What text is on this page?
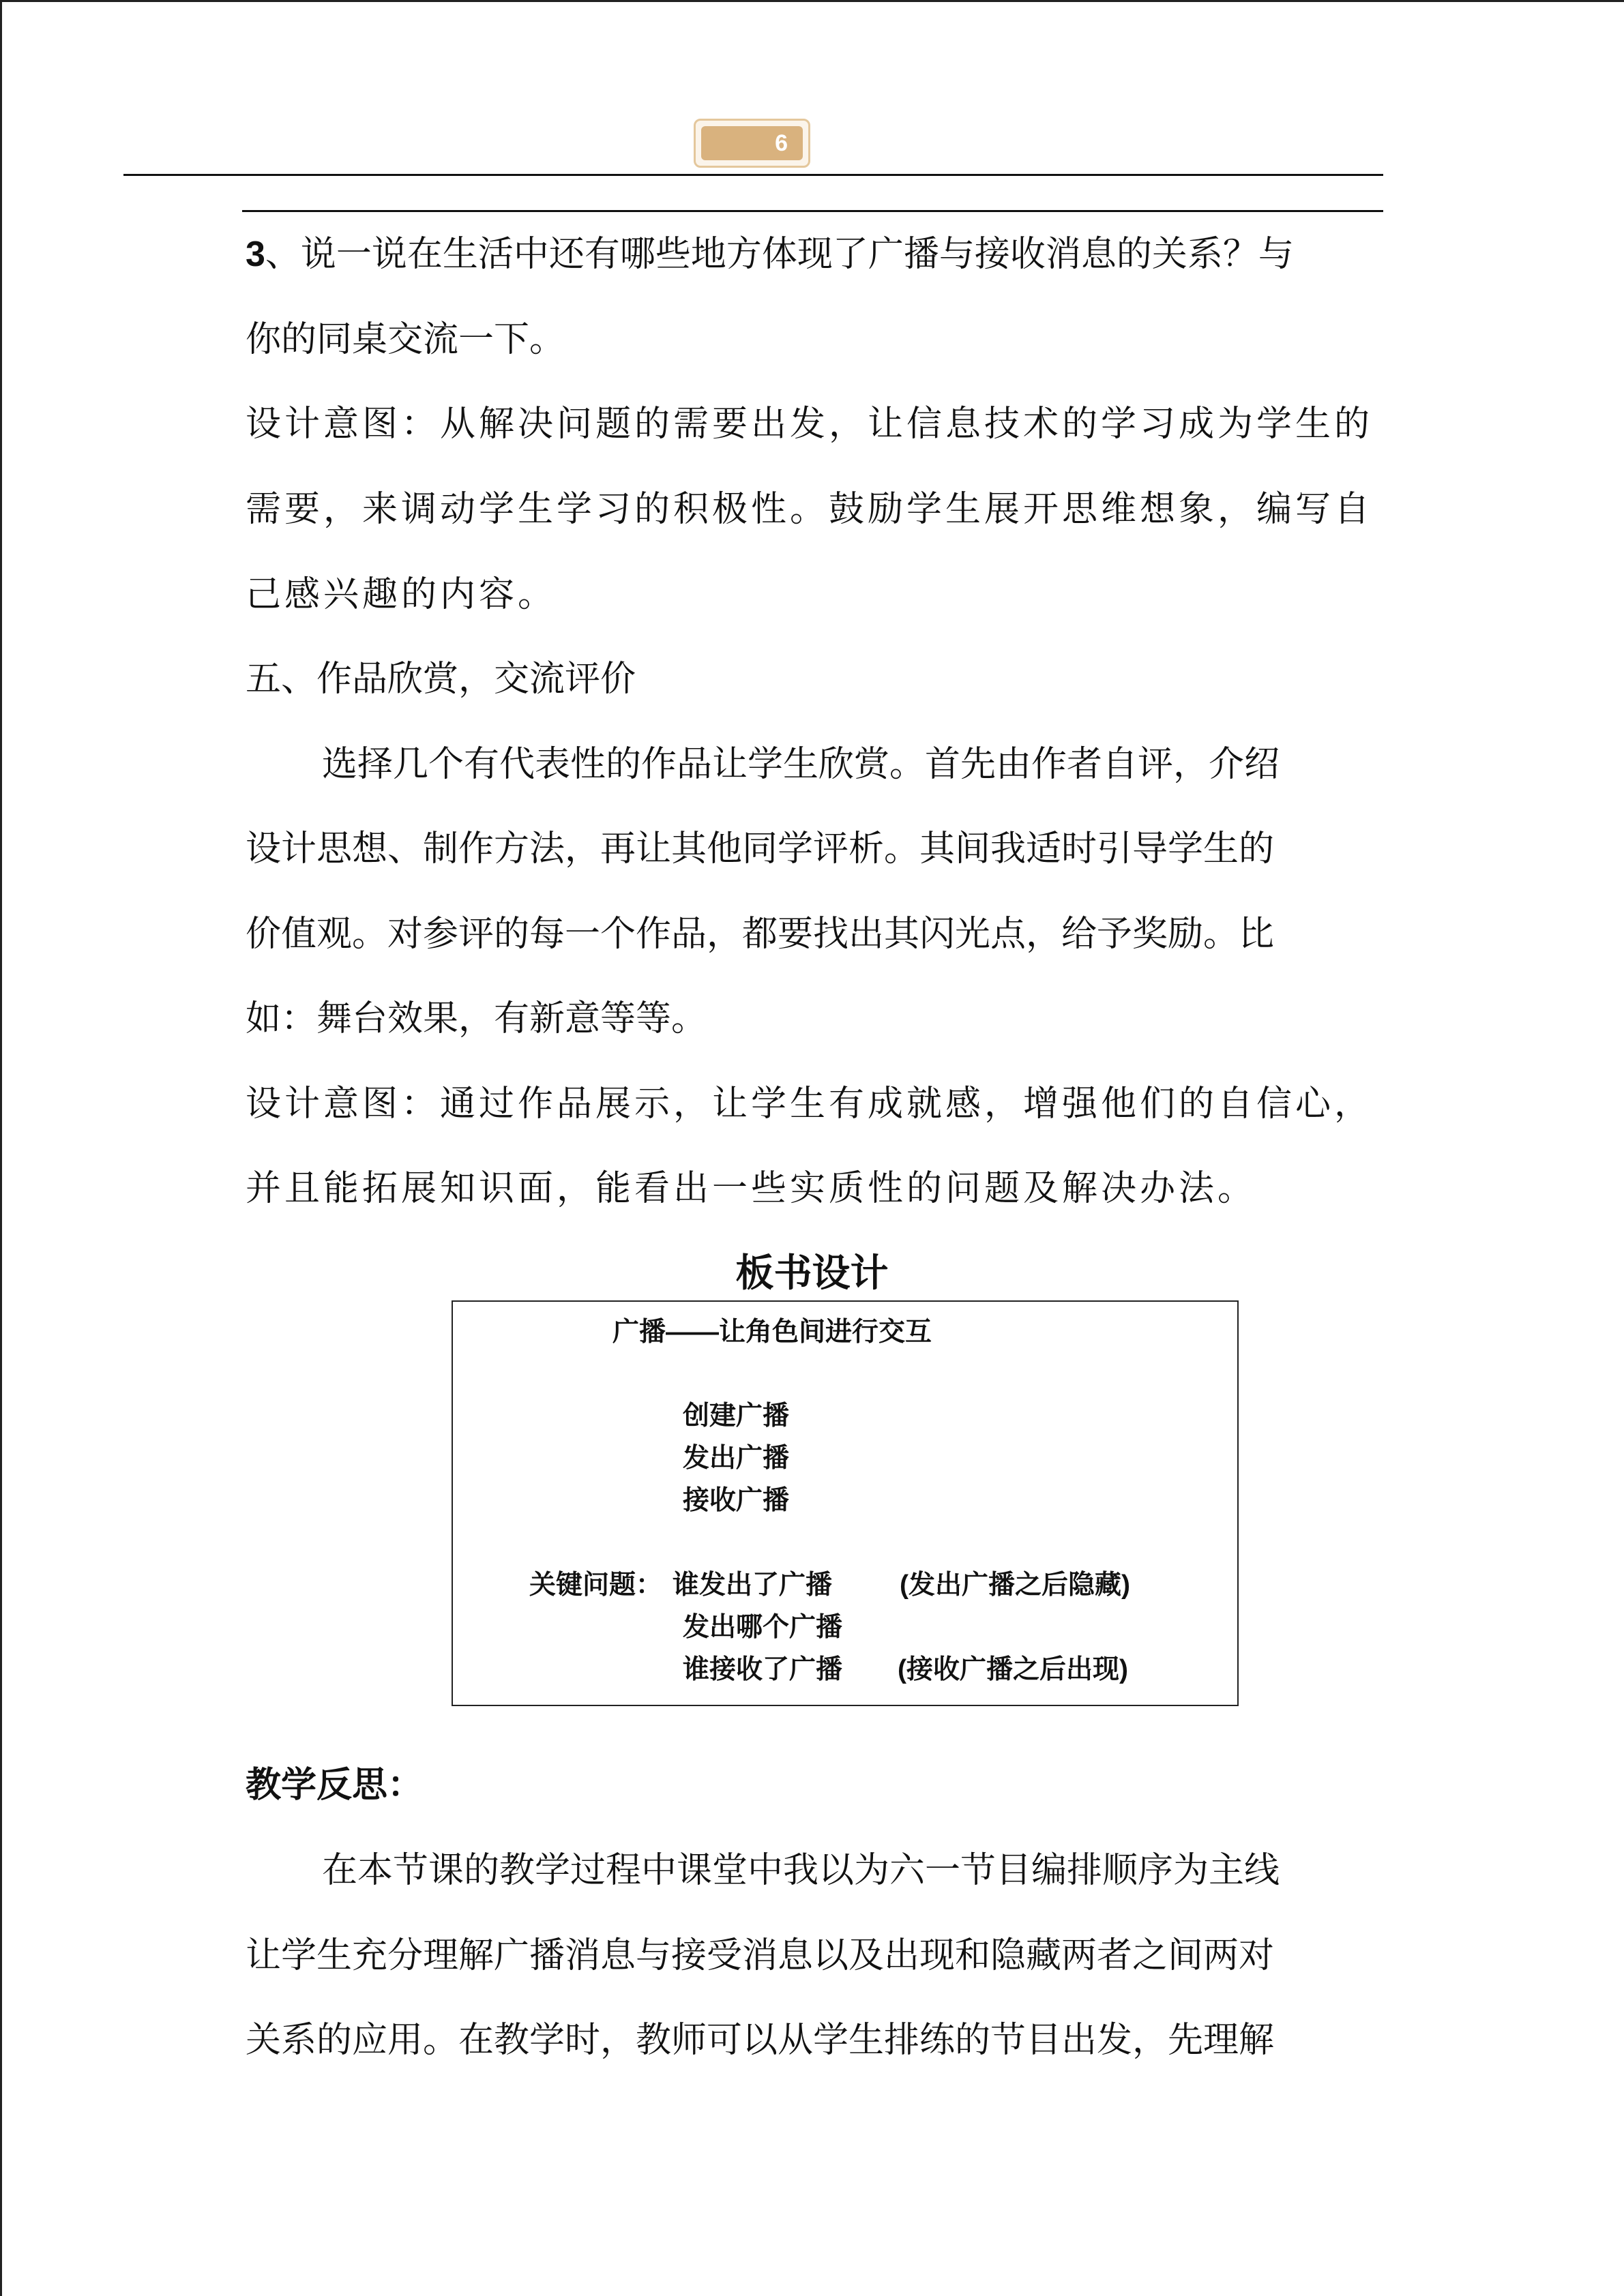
6
3、说一说在生活中还有哪些地方体现了广播与接收消息的关系？与
你的同桌交流一下。
设计意图：从解决问题的需要出发，让信息技术的学习成为学生的
需要，来调动学生学习的积极性。鼓励学生展开思维想象，编写自
己感兴趣的内容。
五、作品欣赏，交流评价
选择几个有代表性的作品让学生欣赏。首先由作者自评，介绍
设计思想、制作方法，再让其他同学评析。其间我适时引导学生的
价值观。对参评的每一个作品，都要找出其闪光点，给予奖励。比
如：舞台效果，有新意等等。
设计意图：通过作品展示，让学生有成就感，增强他们的自信心，
并且能拓展知识面，能看出一些实质性的问题及解决办法。
板书设计
广播——让角色间进行交互
创建广播
发出广播
接收广播
关键问题： 谁发出了广播	(发出广播之后隐藏)
发出哪个广播
谁接收了广播 (接收广播之后出现)
教学反思：
在本节课的教学过程中课堂中我以为六一节目编排顺序为主线
让学生充分理解广播消息与接受消息以及出现和隐藏两者之间两对
关系的应用。在教学时，教师可以从学生排练的节目出发，先理解
